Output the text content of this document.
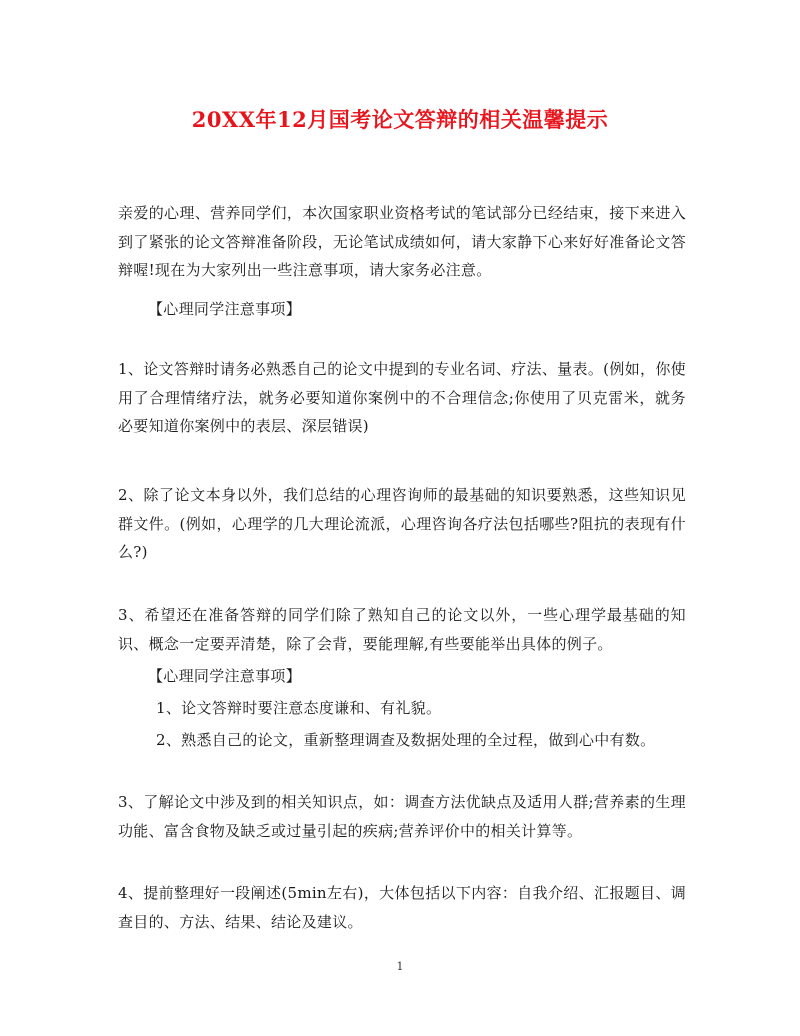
20XX年12月国考论文答辩的相关温馨提示

亲爱的心理、营养同学们，本次国家职业资格考试的笔试部分已经结束，接下来进入到了紧张的论文答辩准备阶段，无论笔试成绩如何，请大家静下心来好好准备论文答辩喔!现在为大家列出一些注意事项，请大家务必注意。

【心理同学注意事项】

1、论文答辩时请务必熟悉自己的论文中提到的专业名词、疗法、量表。(例如，你使用了合理情绪疗法，就务必要知道你案例中的不合理信念;你使用了贝克雷米，就务必要知道你案例中的表层、深层错误)

2、除了论文本身以外，我们总结的心理咨询师的最基础的知识要熟悉，这些知识见群文件。(例如，心理学的几大理论流派，心理咨询各疗法包括哪些?阻抗的表现有什么?)

3、希望还在准备答辩的同学们除了熟知自己的论文以外，一些心理学最基础的知识、概念一定要弄清楚，除了会背，要能理解,有些要能举出具体的例子。

【心理同学注意事项】

1、论文答辩时要注意态度谦和、有礼貌。

2、熟悉自己的论文，重新整理调查及数据处理的全过程，做到心中有数。

3、了解论文中涉及到的相关知识点，如：调查方法优缺点及适用人群;营养素的生理功能、富含食物及缺乏或过量引起的疾病;营养评价中的相关计算等。

4、提前整理好一段阐述(5min左右)，大体包括以下内容：自我介绍、汇报题目、调查目的、方法、结果、结论及建议。

1
